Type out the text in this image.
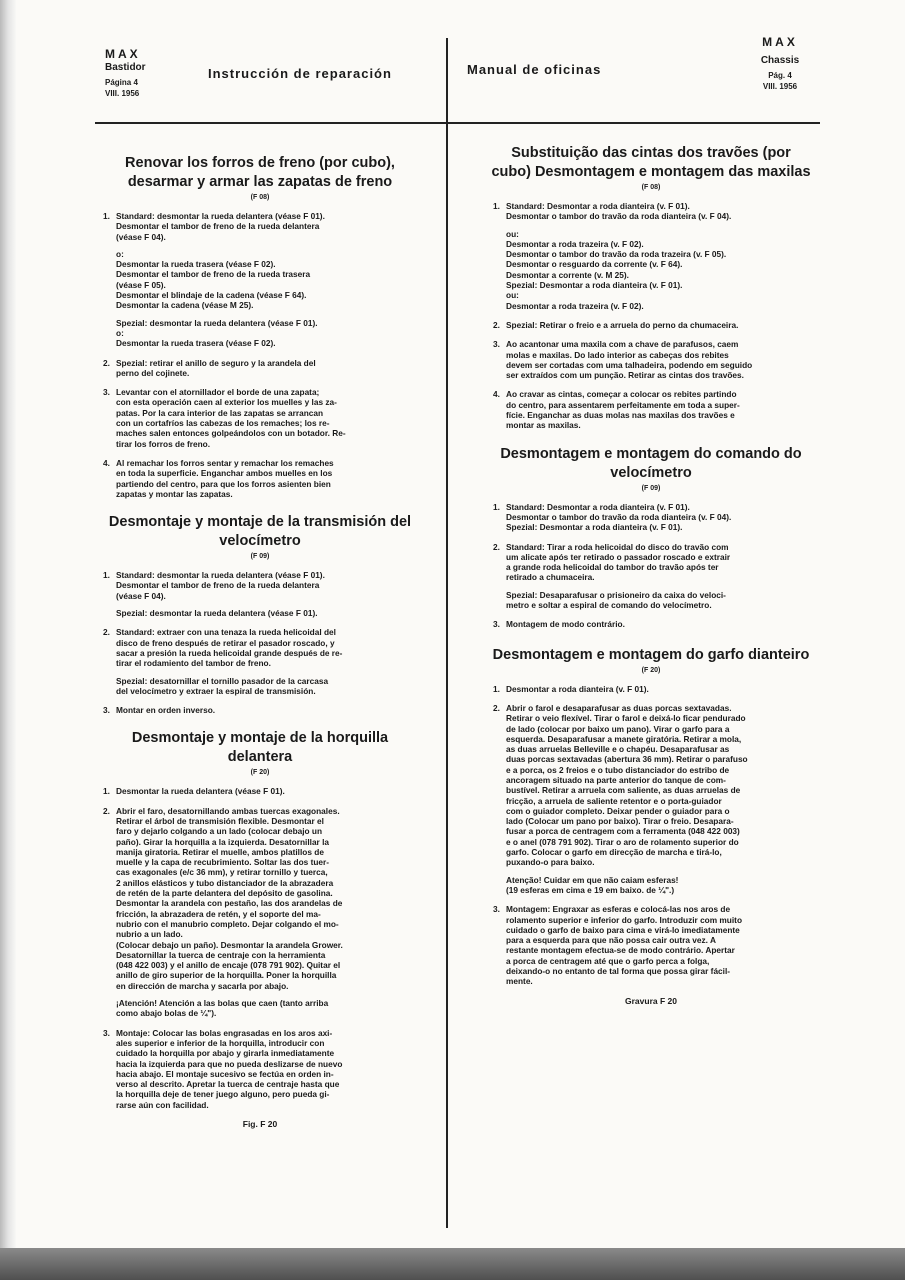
MAX
Bastidor
Página 4
VIII. 1956
Instrucción de reparación	Manual de oficinas
MAX
Chassis
Pág. 4
VIII. 1956
Renovar los forros de freno (por cubo), desarmar y armar las zapatas de freno
(F 08)
1. Standard: desmontar la rueda delantera (véase F 01).
Desmontar el tambor de freno de la rueda delantera
(véase F 04).
o:
Desmontar la rueda trasera (véase F 02).
Desmontar el tambor de freno de la rueda trasera
(véase F 05).
Desmontar el blindaje de la cadena (véase F 64).
Desmontar la cadena (véase M 25).
Spezial: desmontar la rueda delantera (véase F 01).
o:
Desmontar la rueda trasera (véase F 02).
2. Spezial: retirar el anillo de seguro y la arandela del
perno del cojinete.
3. Levantar con el atornillador el borde de una zapata;
con esta operación caen al exterior los muelles y las za-
patas. Por la cara interior de las zapatas se arrancan
con un cortafríos las cabezas de los remaches; los re-
maches salen entonces golpeándolos con un botador. Re-
tirar los forros de freno.
4. Al remachar los forros sentar y remachar los remaches
en toda la superficie. Enganchar ambos muelles en los
partiendo del centro, para que los forros asienten bien
zapatas y montar las zapatas.
Desmontaje y montaje de la transmisión del velocímetro
(F 09)
1. Standard: desmontar la rueda delantera (véase F 01).
Desmontar el tambor de freno de la rueda delantera
(véase F 04).
Spezial: desmontar la rueda delantera (véase F 01).
2. Standard: extraer con una tenaza la rueda helicoidal del
disco de freno después de retirar el pasador roscado, y
sacar a presión la rueda helicoidal grande después de re-
tirar el rodamiento del tambor de freno.
Spezial: desatornillar el tornillo pasador de la carcasa
del velocímetro y extraer la espiral de transmisión.
3. Montar en orden inverso.
Desmontaje y montaje de la horquilla delantera
(F 20)
1. Desmontar la rueda delantera (véase F 01).
2. Abrir el faro, desatornillando ambas tuercas exagonales.
Retirar el árbol de transmisión flexible. Desmontar el
faro y dejarlo colgando a un lado (colocar debajo un
paño). Girar la horquilla a la izquierda. Desatornillar la
manija giratoria. Retirar el muelle, ambos platillos de
muelle y la capa de recubrimiento. Soltar las dos tuer-
cas exagonales (e/c 36 mm), y retirar tornillo y tuerca,
2 anillos elásticos y tubo distanciador de la abrazadera
de retén de la parte delantera del depósito de gasolina.
Desmontar la arandela con pestaño, las dos arandelas de
fricción, la abrazadera de retén, y el soporte del ma-
nubrio con el manubrio completo. Dejar colgando el mo-
nubrio a un lado.
(Colocar debajo un paño). Desmontar la arandela Grower.
Desatornillar la tuerca de centraje con la herramienta
(048 422 003) y el anillo de encaje (078 791 902). Quitar el
anillo de giro superior de la horquilla. Poner la horquilla
en dirección de marcha y sacarla por abajo.
¡Atención! Atención a las bolas que caen (tanto arriba
como abajo bolas de ¼").
3. Montaje: Colocar las bolas engrasadas en los aros axi-
ales superior e inferior de la horquilla, introducir con
cuidado la horquilla por abajo y girarla inmediatamente
hacia la izquierda para que no pueda deslizarse de nuevo
hacia abajo. El montaje sucesivo se fectúa en orden in-
verso al descrito. Apretar la tuerca de centraje hasta que
la horquilla deje de tener juego alguno, pero pueda gi-
rarse aún con facilidad.
Fig. F 20
Substituição das cintas dos travões (por cubo) Desmontagem e montagem das maxilas
(F 08)
1. Standard: Desmontar a roda dianteira (v. F 01).
Desmontar o tambor do travão da roda dianteira (v. F 04).
ou:
Desmontar a roda trazeira (v. F 02).
Desmontar o tambor do travão da roda trazeira (v. F 05).
Desmontar o resguardo da corrente (v. F 64).
Desmontar a corrente (v. M 25).
Spezial: Desmontar a roda dianteira (v. F 01).
ou:
Desmontar a roda trazeira (v. F 02).
2. Spezial: Retirar o freio e a arruela do perno da chumaceira.
3. Ao acantonar uma maxila com a chave de parafusos, caem
molas e maxilas. Do lado interior as cabeças dos rebites
devem ser cortadas com uma talhadeira, podendo em seguido
ser extraídos com um punção. Retirar as cintas dos travões.
4. Ao cravar as cintas, começar a colocar os rebites partindo
do centro, para assentarem perfeitamente em toda a super-
fície. Enganchar as duas molas nas maxilas dos travões e
montar as maxilas.
Desmontagem e montagem do comando do velocímetro
(F 09)
1. Standard: Desmontar a roda dianteira (v. F 01).
Desmontar o tambor do travão da roda dianteira (v. F 04).
Spezial: Desmontar a roda dianteira (v. F 01).
2. Standard: Tirar a roda helicoidal do disco do travão com
um alicate após ter retirado o passador roscado e extrair
a grande roda helicoidal do tambor do travão após ter
retirado a chumaceira.
Spezial: Desaparafusar o prisioneiro da caixa do veloci-
metro e soltar a espiral de comando do velocímetro.
3. Montagem de modo contrário.
Desmontagem e montagem do garfo dianteiro
(F 20)
1. Desmontar a roda dianteira (v. F 01).
2. Abrir o farol e desaparafusar as duas porcas sextavadas.
Retirar o veio flexível. Tirar o farol e deixá-lo ficar pendurado
de lado (colocar por baixo um pano). Virar o garfo para a
esquerda. Desaparafusar a manete giratória. Retirar a mola,
as duas arruelas Belleville e o chapéu. Desaparafusar as
duas porcas sextavadas (abertura 36 mm). Retirar o parafuso
e a porca, os 2 freios e o tubo distanciador do estribo de
ancoragem situado na parte anterior do tanque de com-
bustível. Retirar a arruela com saliente, as duas arruelas de
fricção, a arruela de saliente retentor e o porta-guiador
com o guiador completo. Deixar pender o guiador para o
lado (Colocar um pano por baixo). Tirar o freio. Desapara-
fusar a porca de centragem com a ferramenta (048 422 003)
e o anel (078 791 902). Tirar o aro de rolamento superior do
garfo. Colocar o garfo em direcção de marcha e tirá-lo,
puxando-o para baixo.
Atenção! Cuidar em que não caiam esferas!
(19 esferas em cima e 19 em baixo. de ¼".)
3. Montagem: Engraxar as esferas e colocá-las nos aros de
rolamento superior e inferior do garfo. Introduzir com muito
cuidado o garfo de baixo para cima e virá-lo imediatamente
para a esquerda para que não possa cair outra vez. A
restante montagem efectua-se de modo contrário. Apertar
a porca de centragem até que o garfo perca a folga,
deixando-o no entanto de tal forma que possa girar fácil-
mente.
Gravura F 20
